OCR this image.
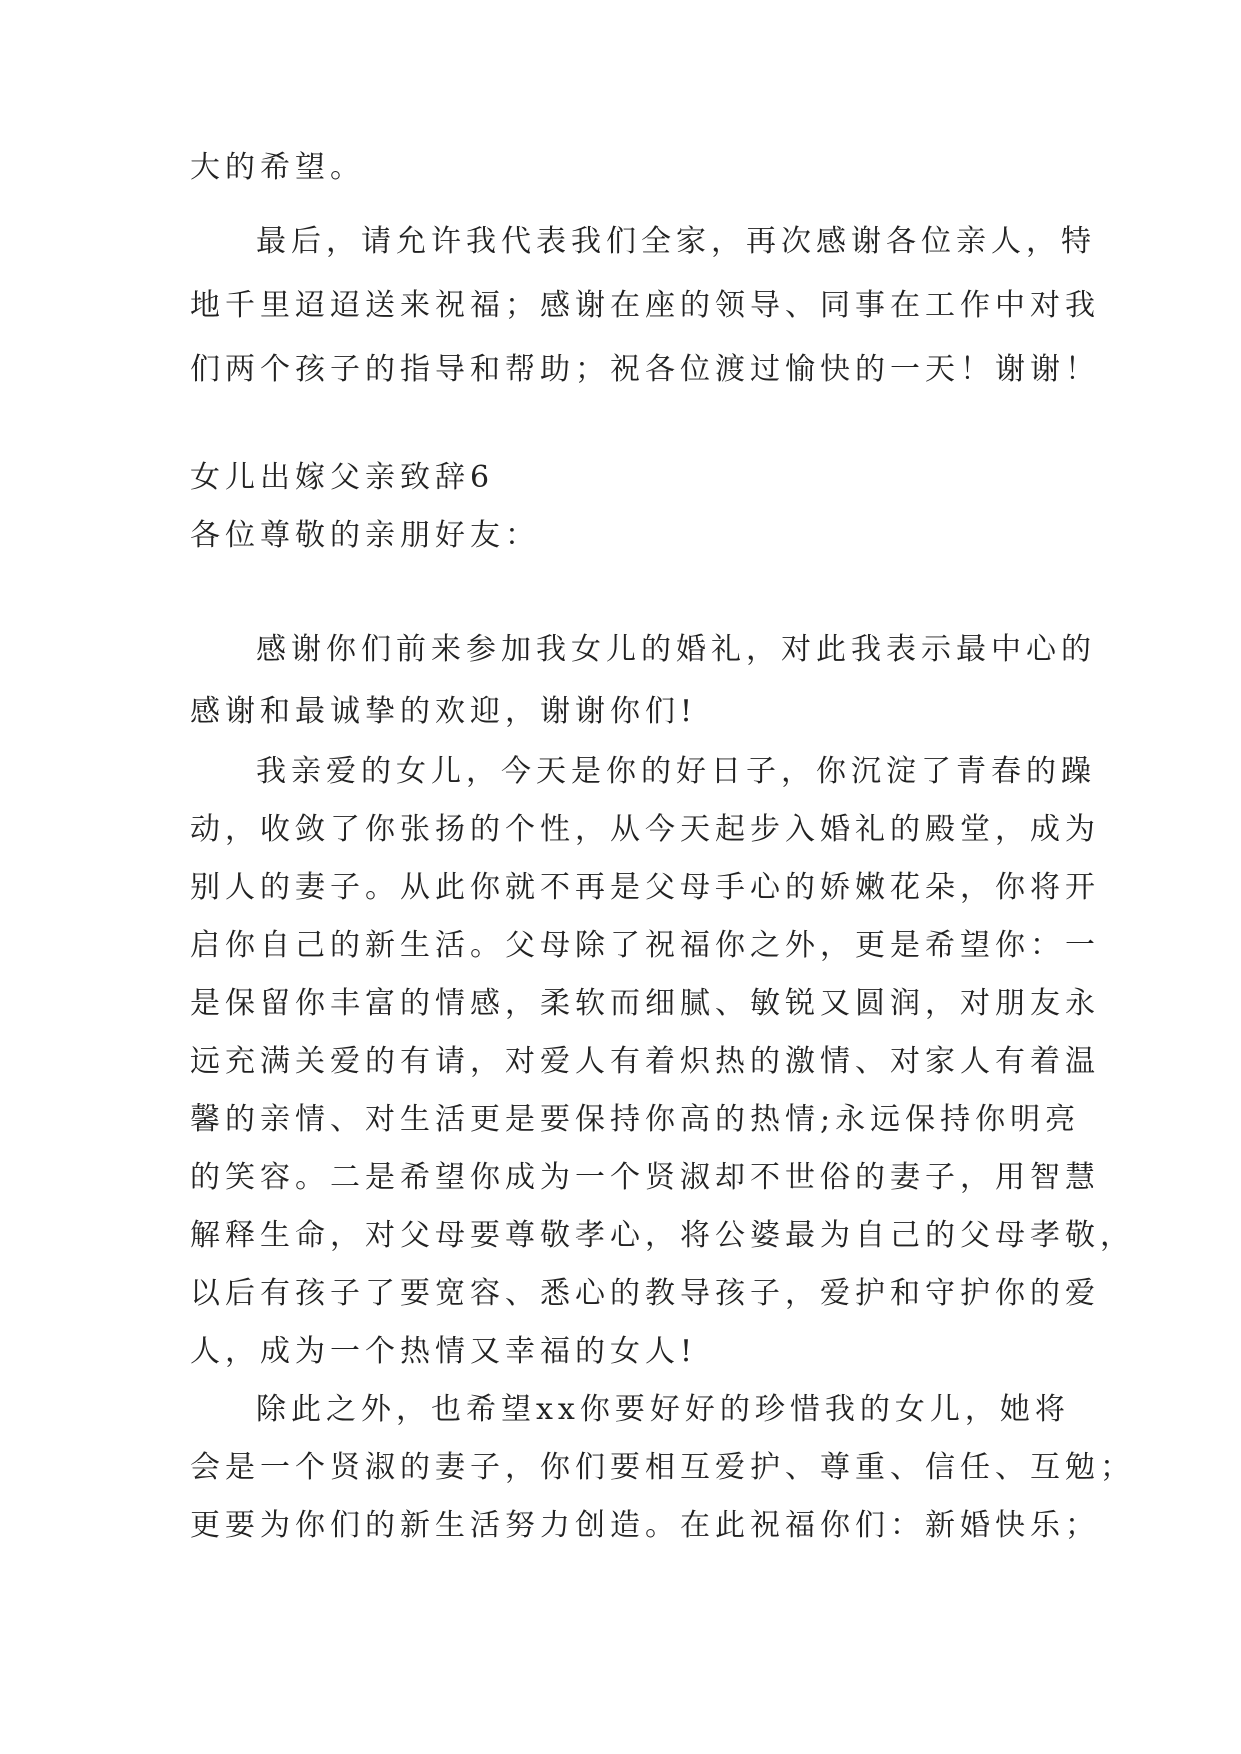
大的希望。
最后，请允许我代表我们全家，再次感谢各位亲人，特
地千里迢迢送来祝福；感谢在座的领导、同事在工作中对我
们两个孩子的指导和帮助；祝各位渡过愉快的一天！谢谢！
女儿出嫁父亲致辞6
各位尊敬的亲朋好友：
感谢你们前来参加我女儿的婚礼，对此我表示最中心的
感谢和最诚挚的欢迎，谢谢你们!
我亲爱的女儿，今天是你的好日子，你沉淀了青春的躁
动，收敛了你张扬的个性，从今天起步入婚礼的殿堂，成为
别人的妻子。从此你就不再是父母手心的娇嫩花朵，你将开
启你自己的新生活。父母除了祝福你之外，更是希望你：一
是保留你丰富的情感，柔软而细腻、敏锐又圆润，对朋友永
远充满关爱的有请，对爱人有着炽热的激情、对家人有着温
馨的亲情、对生活更是要保持你高的热情;永远保持你明亮
的笑容。二是希望你成为一个贤淑却不世俗的妻子，用智慧
解释生命，对父母要尊敬孝心，将公婆最为自己的父母孝敬，
以后有孩子了要宽容、悉心的教导孩子，爱护和守护你的爱
人，成为一个热情又幸福的女人!
除此之外，也希望xx你要好好的珍惜我的女儿，她将
会是一个贤淑的妻子，你们要相互爱护、尊重、信任、互勉；
更要为你们的新生活努力创造。在此祝福你们：新婚快乐；
